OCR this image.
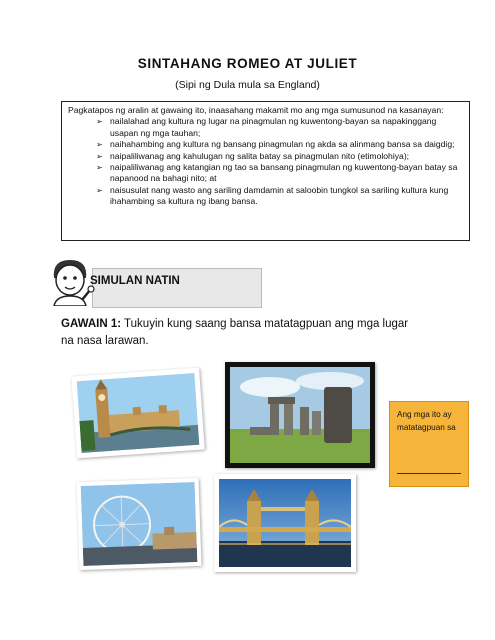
SINTAHANG ROMEO AT JULIET
(Sipi ng Dula mula sa England)
Pagkatapos ng aralin at gawaing ito, inaasahang makamit mo ang mga sumusunod na kasanayan:
➢ nailalahad ang kultura ng lugar na pinagmulan ng kuwentong-bayan sa napakinggang usapan ng mga tauhan;
➢ naihahambing ang kultura ng bansang pinagmulan ng akda sa alinmang bansa sa daigdig;
➢ naipaliliwanag ang kahulugan ng salita batay sa pinagmulan nito (etimolohiya);
➢ naipaliliwanag ang katangian ng tao sa bansang pinagmulan ng kuwentong-bayan batay sa napanood na bahagi nito; at
➢ naisusulat nang wasto ang sariling damdamin at saloobin tungkol sa sariling kultura kung ihahambing sa kultura ng ibang bansa.
SIMULAN NATIN
GAWAIN 1: Tukuyin kung saang bansa matatagpuan ang mga lugar na nasa larawan.
Ang mga ito ay matatagpuan sa
